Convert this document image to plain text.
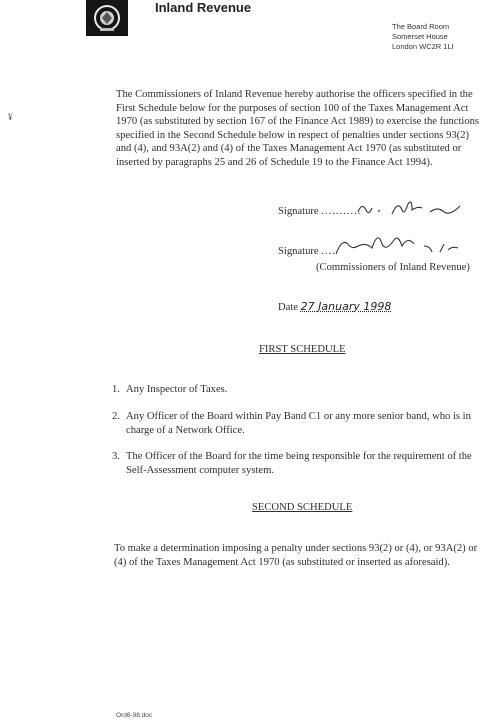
Inland Revenue
The Board Room
Somerset House
London WC2R 1LI
¥

The Commissioners of Inland Revenue hereby authorise the officers specified in the First Schedule below for the purposes of section 100 of the Taxes Management Act 1970 (as substituted by section 167 of the Finance Act 1989) to exercise the functions specified in the Second Schedule below in respect of penalties under sections 93(2) and (4), and 93A(2) and (4) of the Taxes Management Act 1970 (as substituted or inserted by paragraphs 25 and 26 of Schedule 19 to the Finance Act 1994).

Signature ...........
Signature ....
(Commissioners of Inland Revenue)
Date 27 January 1998
FIRST SCHEDULE
1. Any Inspector of Taxes.
2. Any Officer of the Board within Pay Band C1 or any more senior band, who is in charge of a Network Office.
3. The Officer of the Board for the time being responsible for the requirement of the Self-Assessment computer system.
SECOND SCHEDULE

To make a determination imposing a penalty under sections 93(2) or (4), or 93A(2) or (4) of the Taxes Management Act 1970 (as substituted or inserted as aforesaid).

Ord6-98.doc
